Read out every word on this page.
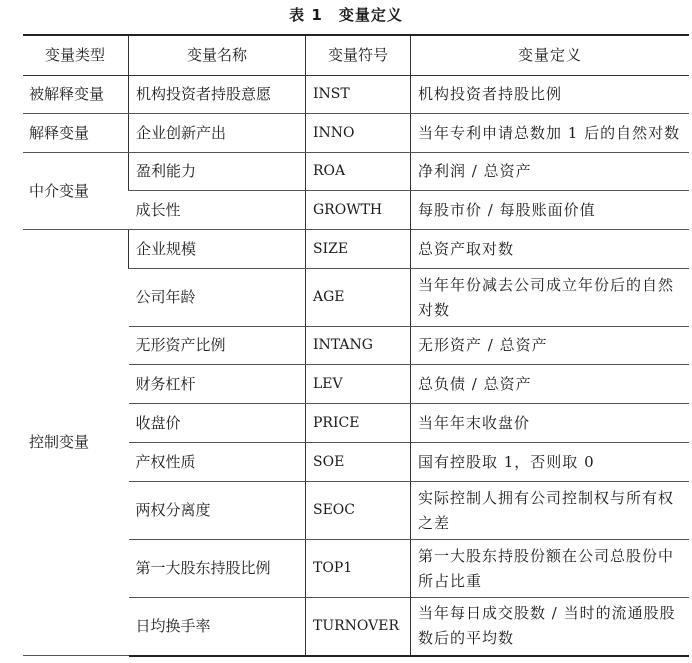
表 1　变量定义
变量类型	变量名称	变量符号	变量定义
被解释变量	机构投资者持股意愿	INST	机构投资者持股比例
解释变量	企业创新产出	INNO	当年专利申请总数加 1 后的自然对数
中介变量	盈利能力	ROA	净利润 / 总资产
	成长性	GROWTH	每股市价 / 每股账面价值
控制变量	企业规模	SIZE	总资产取对数
	公司年龄	AGE	当年年份减去公司成立年份后的自然对数
	无形资产比例	INTANG	无形资产 / 总资产
	财务杠杆	LEV	总负债 / 总资产
	收盘价	PRICE	当年年末收盘价
	产权性质	SOE	国有控股取 1，否则取 0
	两权分离度	SEOC	实际控制人拥有公司控制权与所有权之差
	第一大股东持股比例	TOP1	第一大股东持股份额在公司总股份中所占比重
	日均换手率	TURNOVER	当年每日成交股数 / 当时的流通股股数后的平均数
